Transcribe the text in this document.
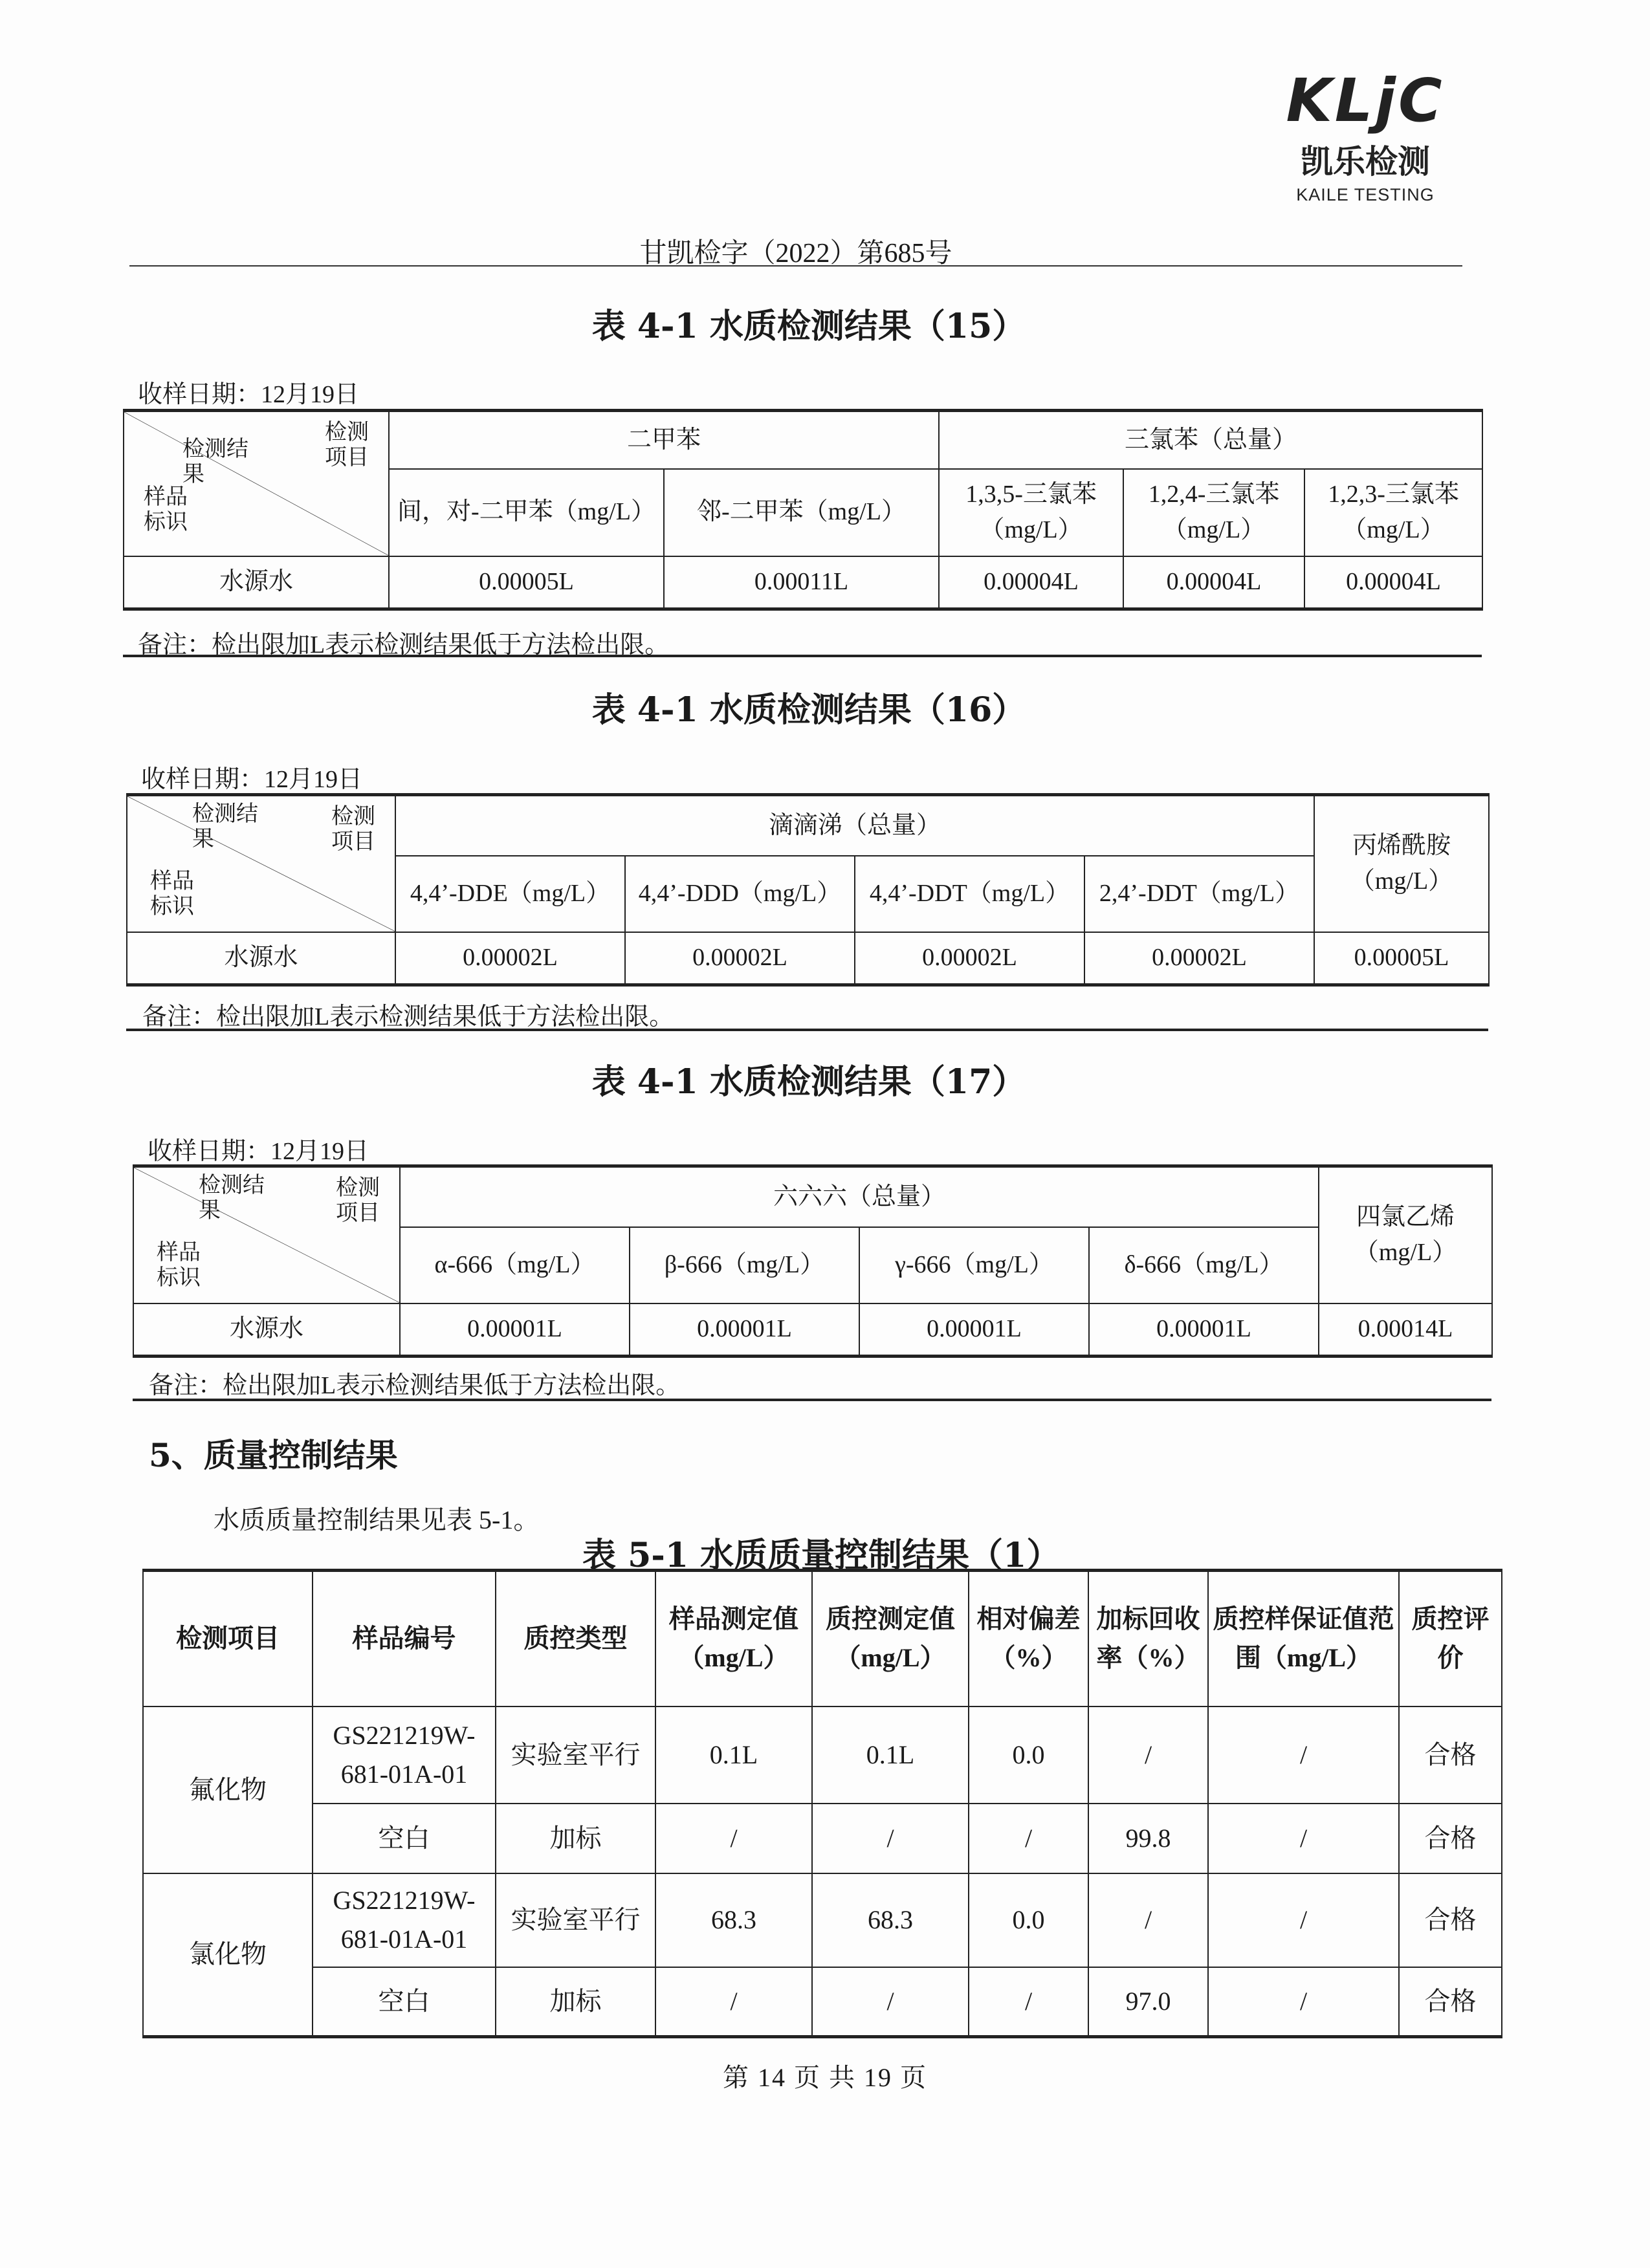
KLjC
凯乐检测
KAILE TESTING
甘凯检字（2022）第685号
表 4-1 水质检测结果（15）
收样日期：12月19日
检测项目
检测结果
样品标识	二甲苯		三氯苯（总量）		
	间，对-二甲苯（mg/L）	邻-二甲苯（mg/L）	1,3,5-三氯苯（mg/L）	1,2,4-三氯苯（mg/L）	1,2,3-三氯苯（mg/L）
水源水	0.00005L	0.00011L	0.00004L	0.00004L	0.00004L
备注：检出限加L表示检测结果低于方法检出限。
表 4-1 水质检测结果（16）
收样日期：12月19日
检测项目
检测结果
样品标识	滴滴涕（总量）				丙烯酰胺（mg/L）
	4,4’-DDE（mg/L）	4,4’-DDD（mg/L）	4,4’-DDT（mg/L）	2,4’-DDT（mg/L）	
水源水	0.00002L	0.00002L	0.00002L	0.00002L	0.00005L
备注：检出限加L表示检测结果低于方法检出限。
表 4-1 水质检测结果（17）
收样日期：12月19日
检测项目
检测结果
样品标识	六六六（总量）				四氯乙烯（mg/L）
	α-666（mg/L）	β-666（mg/L）	γ-666（mg/L）	δ-666（mg/L）	
水源水	0.00001L	0.00001L	0.00001L	0.00001L	0.00014L
备注：检出限加L表示检测结果低于方法检出限。
5、质量控制结果
水质质量控制结果见表 5-1。
表 5-1 水质质量控制结果（1）
检测项目	样品编号	质控类型	样品测定值（mg/L）	质控测定值（mg/L）	相对偏差（%）	加标回收率（%）	质控样保证值范围（mg/L）	质控评价
氟化物	GS221219W-681-01A-01	实验室平行	0.1L	0.1L	0.0	/	/	合格
	空白	加标	/	/	/	99.8	/	合格
氯化物	GS221219W-681-01A-01	实验室平行	68.3	68.3	0.0	/	/	合格
	空白	加标	/	/	/	97.0	/	合格
第 14 页 共 19 页
